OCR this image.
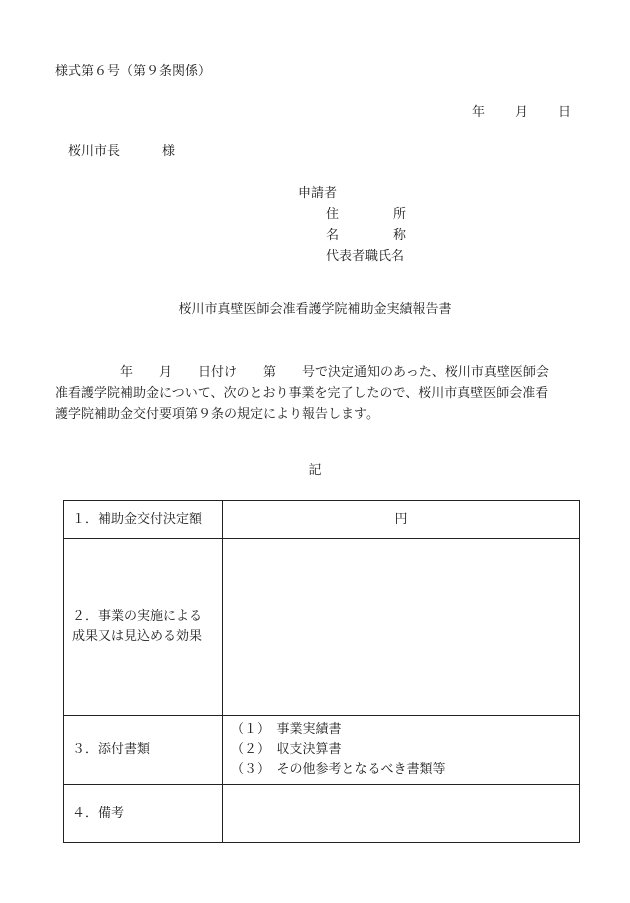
様式第６号（第９条関係）
年 月 日
桜川市長	様
申請者
住　　所
名　　称
代表者職氏名
桜川市真壁医師会准看護学院補助金実績報告書
　　　　　年　　月　　日付け　　第　　号で決定通知のあった、桜川市真壁医師会
准看護学院補助金について、次のとおり事業を完了したので、桜川市真壁医師会准看
護学院補助金交付要項第９条の規定により報告します。
記
１．補助金交付決定額	円
２．事業の実施による成果又は見込める効果	
３．添付書類	（１）　事業実績書
（２）　収支決算書
（３）　その他参考となるべき書類等

４．備考	
